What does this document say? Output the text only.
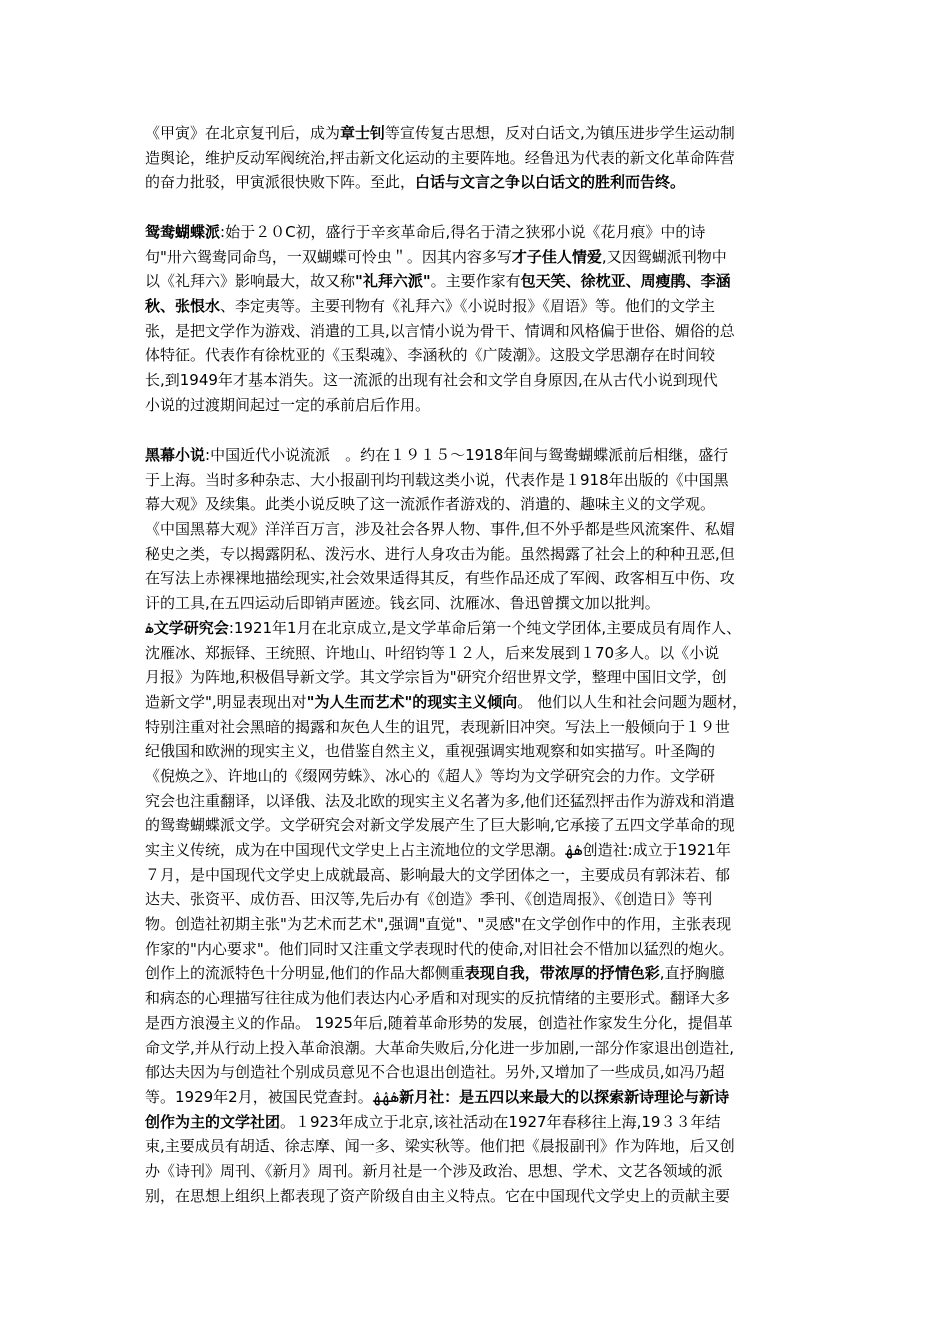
《甲寅》在北京复刊后，成为章士钊等宣传复古思想，反对白话文,为镇压进步学生运动制
造舆论，维护反动军阀统治,抨击新文化运动的主要阵地。经鲁迅为代表的新文化革命阵营
的奋力批驳，甲寅派很快败下阵。至此，白话与文言之争以白话文的胜利而告终。
鸳鸯蝴蝶派:始于２０C初，盛行于辛亥革命后,得名于清之狭邪小说《花月痕》中的诗
句"卅六鸳鸯同命鸟，一双蝴蝶可怜虫＂。因其内容多写才子佳人情爱,又因鸳蝴派刊物中
以《礼拜六》影响最大，故又称"礼拜六派"。主要作家有包天笑、徐枕亚、周瘦鹃、李涵
秋、张恨水、李定夷等。主要刊物有《礼拜六》《小说时报》《眉语》等。他们的文学主
张，是把文学作为游戏、消遣的工具,以言情小说为骨干、情调和风格偏于世俗、媚俗的总
体特征。代表作有徐枕亚的《玉梨魂》、李涵秋的《广陵潮》。这股文学思潮存在时间较
长,到1949年才基本消失。这一流派的出现有社会和文学自身原因,在从古代小说到现代
小说的过渡期间起过一定的承前启后作用。
黑幕小说:中国近代小说流派　。约在１９１５～1918年间与鸳鸯蝴蝶派前后相继，盛行
于上海。当时多种杂志、大小报副刊均刊载这类小说，代表作是１918年出版的《中国黑
幕大观》及续集。此类小说反映了这一流派作者游戏的、消遣的、趣味主义的文学观。
《中国黑幕大观》洋洋百万言，涉及社会各界人物、事件,但不外乎都是些风流案件、私媢
秘史之类，专以揭露阴私、泼污水、进行人身攻击为能。虽然揭露了社会上的种种丑恶,但
在写法上赤裸裸地描绘现实,社会效果适得其反，有些作品还成了军阀、政客相互中伤、攻
讦的工具,在五四运动后即销声匿迹。钱玄同、沈雁冰、鲁迅曾撰文加以批判。
ۿ文学研究会:1921年1月在北京成立,是文学革命后第一个纯文学团体,主要成员有周作人、
沈雁冰、郑振铎、王统照、许地山、叶绍钧等１２人，后来发展到１70多人。以《小说
月报》为阵地,积极倡导新文学。其文学宗旨为"研究介绍世界文学，整理中国旧文学，创
造新文学",明显表现出对"为人生而艺术"的现实主义倾向。 他们以人生和社会问题为题材，
特别注重对社会黑暗的揭露和灰色人生的诅咒，表现新旧冲突。写法上一般倾向于１９世
纪俄国和欧洲的现实主义，也借鉴自然主义，重视强调实地观察和如实描写。叶圣陶的
《倪焕之》、许地山的《缀网劳蛛》、冰心的《超人》等均为文学研究会的力作。文学研
究会也注重翻译，以译俄、法及北欧的现实主义名著为多,他们还猛烈抨击作为游戏和消遣
的鸳鸯蝴蝶派文学。文学研究会对新文学发展产生了巨大影响,它承接了五四文学革命的现
实主义传统，成为在中国现代文学史上占主流地位的文学思潮。ۿۿ创造社:成立于1921年
７月，是中国现代文学史上成就最高、影响最大的文学团体之一，主要成员有郭沫若、郁
达夫、张资平、成仿吾、田汉等,先后办有《创造》季刊、《创造周报》、《创造日》等刊
物。创造社初期主张"为艺术而艺术",强调"直觉"、"灵感"在文学创作中的作用，主张表现
作家的"内心要求"。他们同时又注重文学表现时代的使命,对旧社会不惜加以猛烈的炮火。
创作上的流派特色十分明显,他们的作品大都侧重表现自我，带浓厚的抒情色彩,直抒胸臆
和病态的心理描写往往成为他们表达内心矛盾和对现实的反抗情绪的主要形式。翻译大多
是西方浪漫主义的作品。 1925年后,随着革命形势的发展，创造社作家发生分化，提倡革
命文学,并从行动上投入革命浪潮。大革命失败后,分化进一步加剧,一部分作家退出创造社,
郁达夫因为与创造社个别成员意见不合也退出创造社。另外,又增加了一些成员,如冯乃超
等。1929年2月，被国民党查封。ۿۿۿ新月社：是五四以来最大的以探索新诗理论与新诗
创作为主的文学社团。１923年成立于北京,该社活动在1927年春移往上海,19３３年结
束,主要成员有胡适、徐志摩、闻一多、梁实秋等。他们把《晨报副刊》作为阵地，后又创
办《诗刊》周刊、《新月》周刊。新月社是一个涉及政治、思想、学术、文艺各领域的派
别，在思想上组织上都表现了资产阶级自由主义特点。它在中国现代文学史上的贡献主要
